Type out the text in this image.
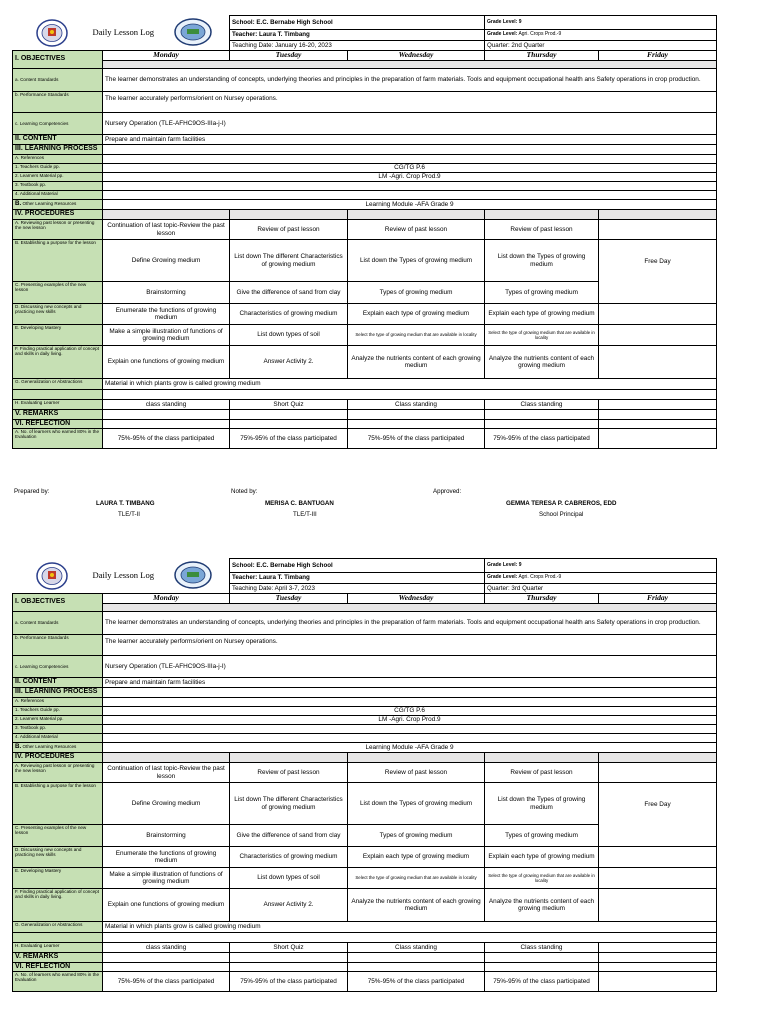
Daily Lesson Log		School: E.C. Bernabe High School		Grade Level: 9	
		Teacher: Laura T. Timbang		Grade Level: Agri. Crops Prod.-9	
		Teaching Date: January 16-20, 2023		Quarter: 2nd Quarter	
I. OBJECTIVES	Monday	Tuesday	Wednesday	Thursday	Friday

a. Content Standards	The learner demonstrates an understanding of concepts, underlying theories and principles in the preparation of farm materials. Tools and equipment occupational health ans Safety operations in crop production.				
b. Performance Standards	The learner accurately performs/orient on Nursey operations.				
c. Learning Competencies	Nursery Operation (TLE-AFHC9OS-IIIa-j-I)				
II. CONTENT	Prepare and maintain farm facilities				
III. LEARNING PROCESS					
A. References					
1. Teachers Guide pp.	CG/TG P.6				
2. Learners Material pp.	LM -Agri. Crop Prod.9				
3. Textbook pp.					
4. Additional Material					
B. Other Learning Resources	Learning Module -AFA Grade 9				
IV. PROCEDURES					
A. Reviewing past lesson or presenting the new lesson	Continuation of last topic-Review the past lesson	Review of past lesson	Review of past lesson	Review of past lesson	
B. Establishing a purpose for the lesson	Define Growing medium	List down The different Characteristics of growing medium	List down the Types of growing medium	List down the Types of growing medium	Free Day
C. Presenting examples of the new lesson	Brainstorming	Give the difference of sand from clay	Types of growing medium	Types of growing medium	
D. Discussing new concepts and practicing new skills	Enumerate the functions of growing medium	Characteristics of growing medium	Explain each type of growing medium	Explain each type of growing medium	
E. Developing Mastery	Make a simple illustration of functions of growing medium	List down types of soil	Select the type of growing medium that are available in locality	Select the type of growing medium that are available in locality	
F. Finding practical application of concept and skills in daily living.	Explain one functions of growing medium	Answer Activity 2.	Analyze the nutrients content of each growing medium	Analyze the nutrients content of each growing medium	
G. Generalization or Abstractions	Material in which plants grow is called growing medium				

H. Evaluating Learner	class standing	Short Quiz	Class standing	Class standing	
V. REMARKS					
VI. REFLECTION					
A. No. of learners who earned 80% in the Evaluation	75%-95% of the class participated	75%-95% of the class participated	75%-95% of the class participated	75%-95% of the class participated	
Prepared by:
LAURA T. TIMBANG
TLE/T-II
Noted by:
MERISA C. BANTUGAN
TLE/T-III
Approved:
GEMMA TERESA P. CABREROS, EDD
School Principal
Daily Lesson Log		School: E.C. Bernabe High School		Grade Level: 9	
		Teacher: Laura T. Timbang		Grade Level: Agri. Crops Prod.-9	
		Teaching Date: April 3-7, 2023		Quarter: 3rd Quarter	
I. OBJECTIVES	Monday	Tuesday	Wednesday	Thursday	Friday

a. Content Standards	The learner demonstrates an understanding of concepts, underlying theories and principles in the preparation of farm materials. Tools and equipment occupational health ans Safety operations in crop production.				
b. Performance Standards	The learner accurately performs/orient on Nursey operations.				
c. Learning Competencies	Nursery Operation (TLE-AFHC9OS-IIIa-j-I)				
II. CONTENT	Prepare and maintain farm facilities				
III. LEARNING PROCESS					
A. References					
1. Teachers Guide pp.	CG/TG P.6				
2. Learners Material pp.	LM -Agri. Crop Prod.9				
3. Textbook pp.					
4. Additional Material					
B. Other Learning Resources	Learning Module -AFA Grade 9				
IV. PROCEDURES					
A. Reviewing past lesson or presenting the new lesson	Continuation of last topic-Review the past lesson	Review of past lesson	Review of past lesson	Review of past lesson	
B. Establishing a purpose for the lesson	Define Growing medium	List down The different Characteristics of growing medium	List down the Types of growing medium	List down the Types of growing medium	Free Day
C. Presenting examples of the new lesson	Brainstorming	Give the difference of sand from clay	Types of growing medium	Types of growing medium	
D. Discussing new concepts and practicing new skills	Enumerate the functions of growing medium	Characteristics of growing medium	Explain each type of growing medium	Explain each type of growing medium	
E. Developing Mastery	Make a simple illustration of functions of growing medium	List down types of soil	Select the type of growing medium that are available in locality	Select the type of growing medium that are available in locality	
F. Finding practical application of concept and skills in daily living.	Explain one functions of growing medium	Answer Activity 2.	Analyze the nutrients content of each growing medium	Analyze the nutrients content of each growing medium	
G. Generalization or Abstractions	Material in which plants grow is called growing medium				

H. Evaluating Learner	class standing	Short Quiz	Class standing	Class standing	
V. REMARKS					
VI. REFLECTION					
A. No. of learners who earned 80% in the Evaluation	75%-95% of the class participated	75%-95% of the class participated	75%-95% of the class participated	75%-95% of the class participated	
